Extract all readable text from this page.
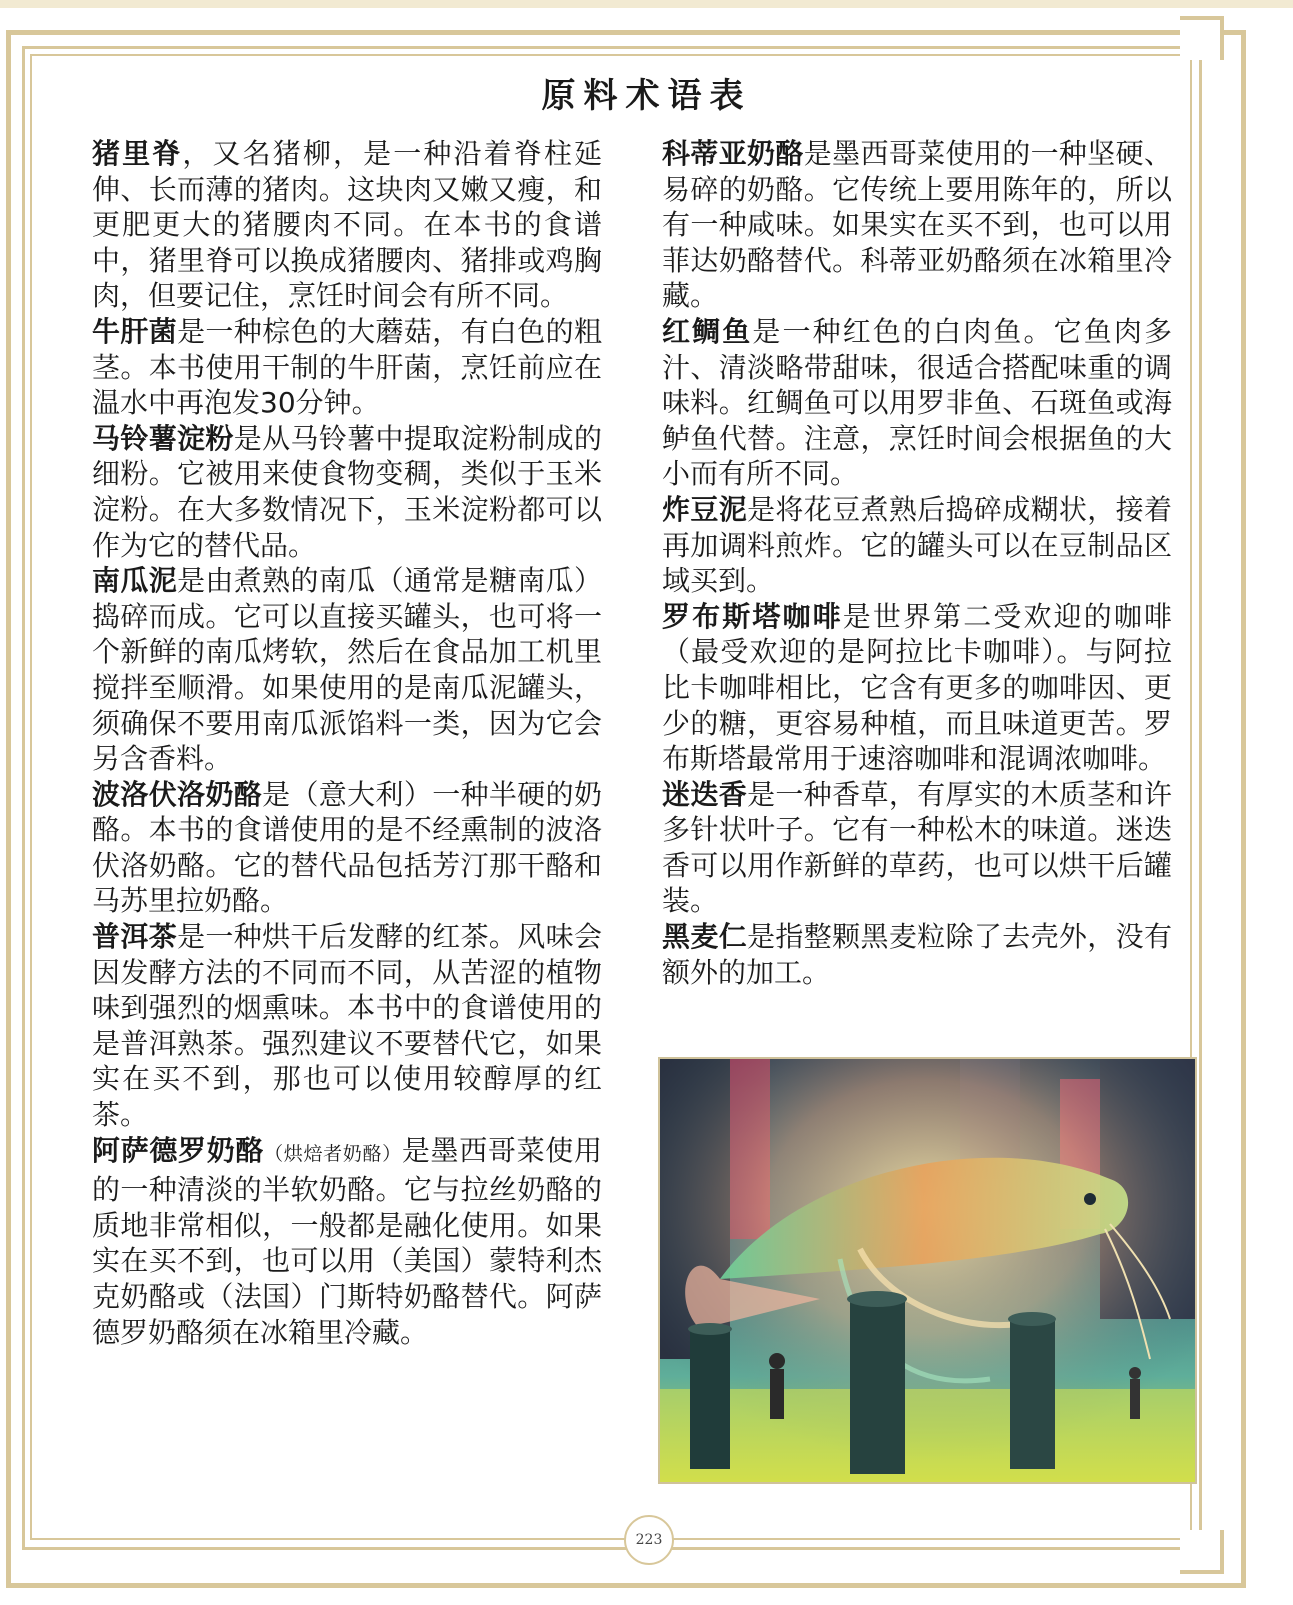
原料术语表

猪里脊，又名猪柳，是一种沿着脊柱延伸、长而薄的猪肉。这块肉又嫩又瘦，和更肥更大的猪腰肉不同。在本书的食谱中，猪里脊可以换成猪腰肉、猪排或鸡胸肉，但要记住，烹饪时间会有所不同。

牛肝菌是一种棕色的大蘑菇，有白色的粗茎。本书使用干制的牛肝菌，烹饪前应在温水中再泡发30分钟。

马铃薯淀粉是从马铃薯中提取淀粉制成的细粉。它被用来使食物变稠，类似于玉米淀粉。在大多数情况下，玉米淀粉都可以作为它的替代品。

南瓜泥是由煮熟的南瓜（通常是糖南瓜）捣碎而成。它可以直接买罐头，也可将一个新鲜的南瓜烤软，然后在食品加工机里搅拌至顺滑。如果使用的是南瓜泥罐头，须确保不要用南瓜派馅料一类，因为它会另含香料。

波洛伏洛奶酪是（意大利）一种半硬的奶酪。本书的食谱使用的是不经熏制的波洛伏洛奶酪。它的替代品包括芳汀那干酪和马苏里拉奶酪。

普洱茶是一种烘干后发酵的红茶。风味会因发酵方法的不同而不同，从苦涩的植物味到强烈的烟熏味。本书中的食谱使用的是普洱熟茶。强烈建议不要替代它，如果实在买不到，那也可以使用较醇厚的红茶。

阿萨德罗奶酪（烘焙者奶酪）是墨西哥菜使用的一种清淡的半软奶酪。它与拉丝奶酪的质地非常相似，一般都是融化使用。如果实在买不到，也可以用（美国）蒙特利杰克奶酪或（法国）门斯特奶酪替代。阿萨德罗奶酪须在冰箱里冷藏。

科蒂亚奶酪是墨西哥菜使用的一种坚硬、易碎的奶酪。它传统上要用陈年的，所以有一种咸味。如果实在买不到，也可以用菲达奶酪替代。科蒂亚奶酪须在冰箱里冷藏。

红鲷鱼是一种红色的白肉鱼。它鱼肉多汁、清淡略带甜味，很适合搭配味重的调味料。红鲷鱼可以用罗非鱼、石斑鱼或海鲈鱼代替。注意，烹饪时间会根据鱼的大小而有所不同。

炸豆泥是将花豆煮熟后捣碎成糊状，接着再加调料煎炸。它的罐头可以在豆制品区域买到。

罗布斯塔咖啡是世界第二受欢迎的咖啡（最受欢迎的是阿拉比卡咖啡）。与阿拉比卡咖啡相比，它含有更多的咖啡因、更少的糖，更容易种植，而且味道更苦。罗布斯塔最常用于速溶咖啡和混调浓咖啡。

迷迭香是一种香草，有厚实的木质茎和许多针状叶子。它有一种松木的味道。迷迭香可以用作新鲜的草药，也可以烘干后罐装。

黑麦仁是指整颗黑麦粒除了去壳外，没有额外的加工。

223
